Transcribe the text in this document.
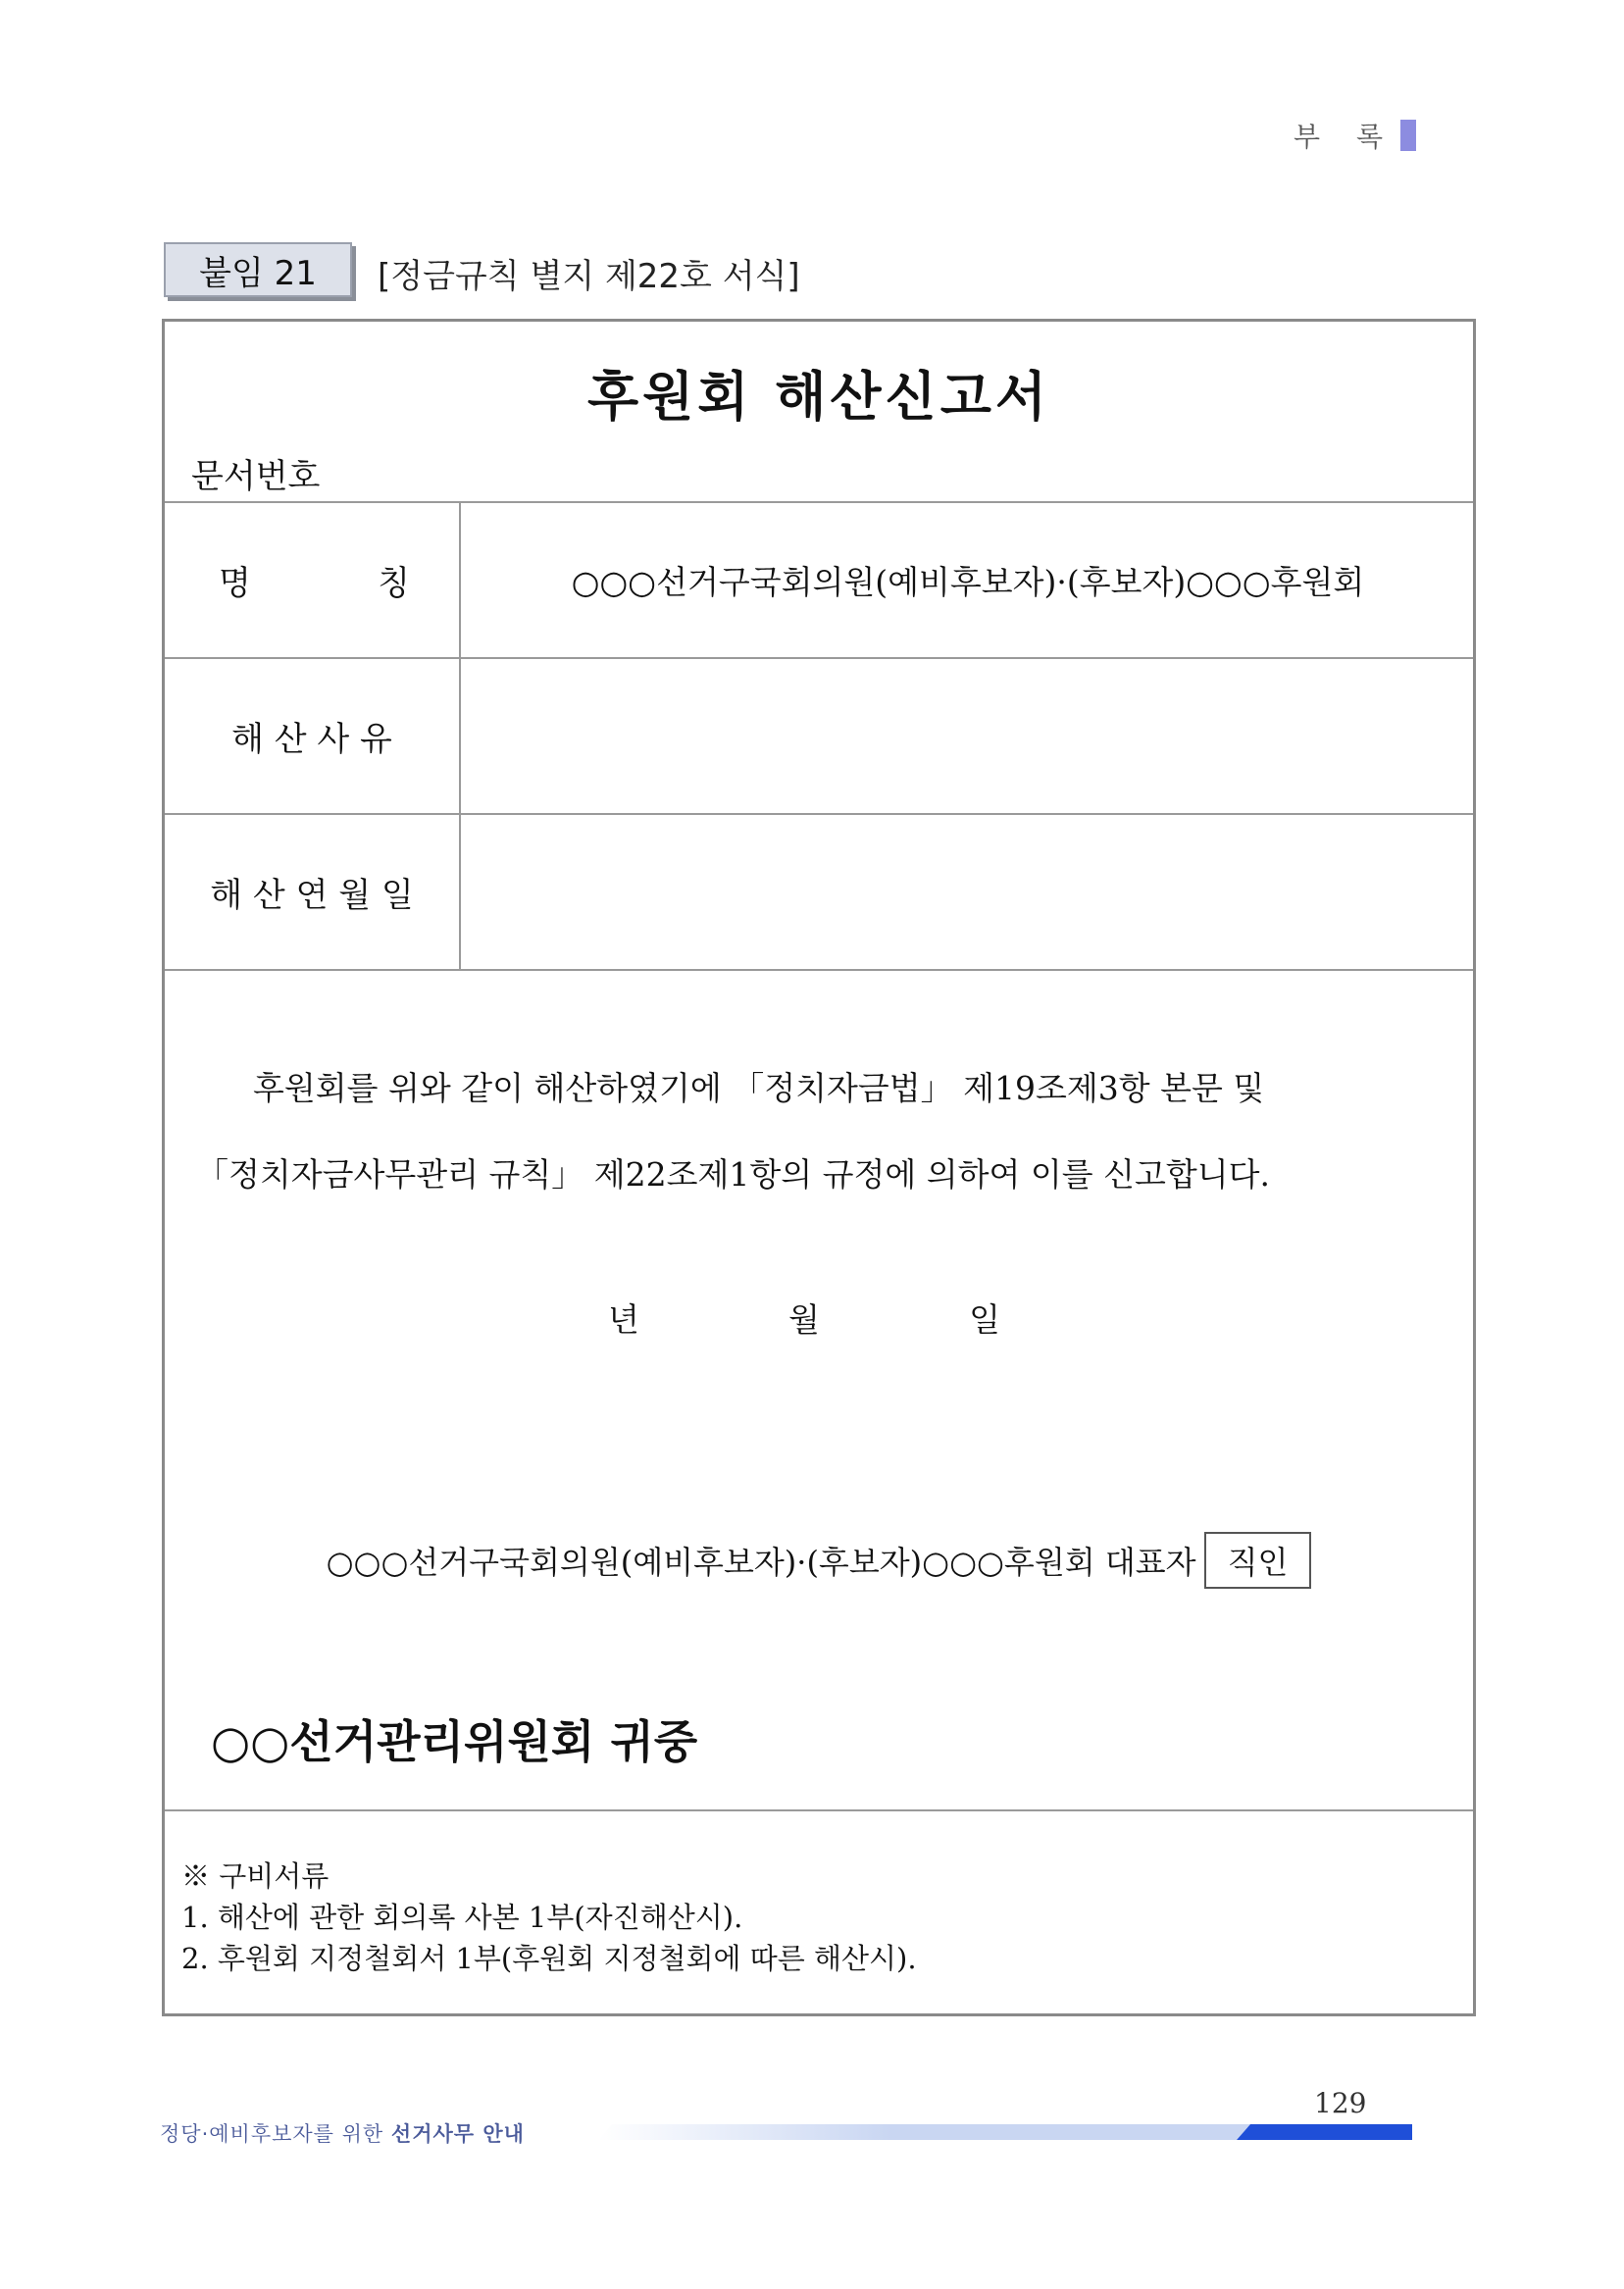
부 록
붙임 21	[정금규칙 별지 제22호 서식]
후원회 해산신고서
문서번호
명	칭	○○○선거구국회의원(예비후보자)·(후보자)○○○후원회
해 산 사 유
해 산 연 월 일
후원회를 위와 같이 해산하였기에 「정치자금법」 제19조제3항 본문 및
「정치자금사무관리 규칙」 제22조제1항의 규정에 의하여 이를 신고합니다.
년	월	일
○○○선거구국회의원(예비후보자)·(후보자)○○○후원회 대표자	직인
○○선거관리위원회 귀중
※ 구비서류
1. 해산에 관한 회의록 사본 1부(자진해산시).
2. 후원회 지정철회서 1부(후원회 지정철회에 따른 해산시).
129
정당·예비후보자를 위한 선거사무 안내
